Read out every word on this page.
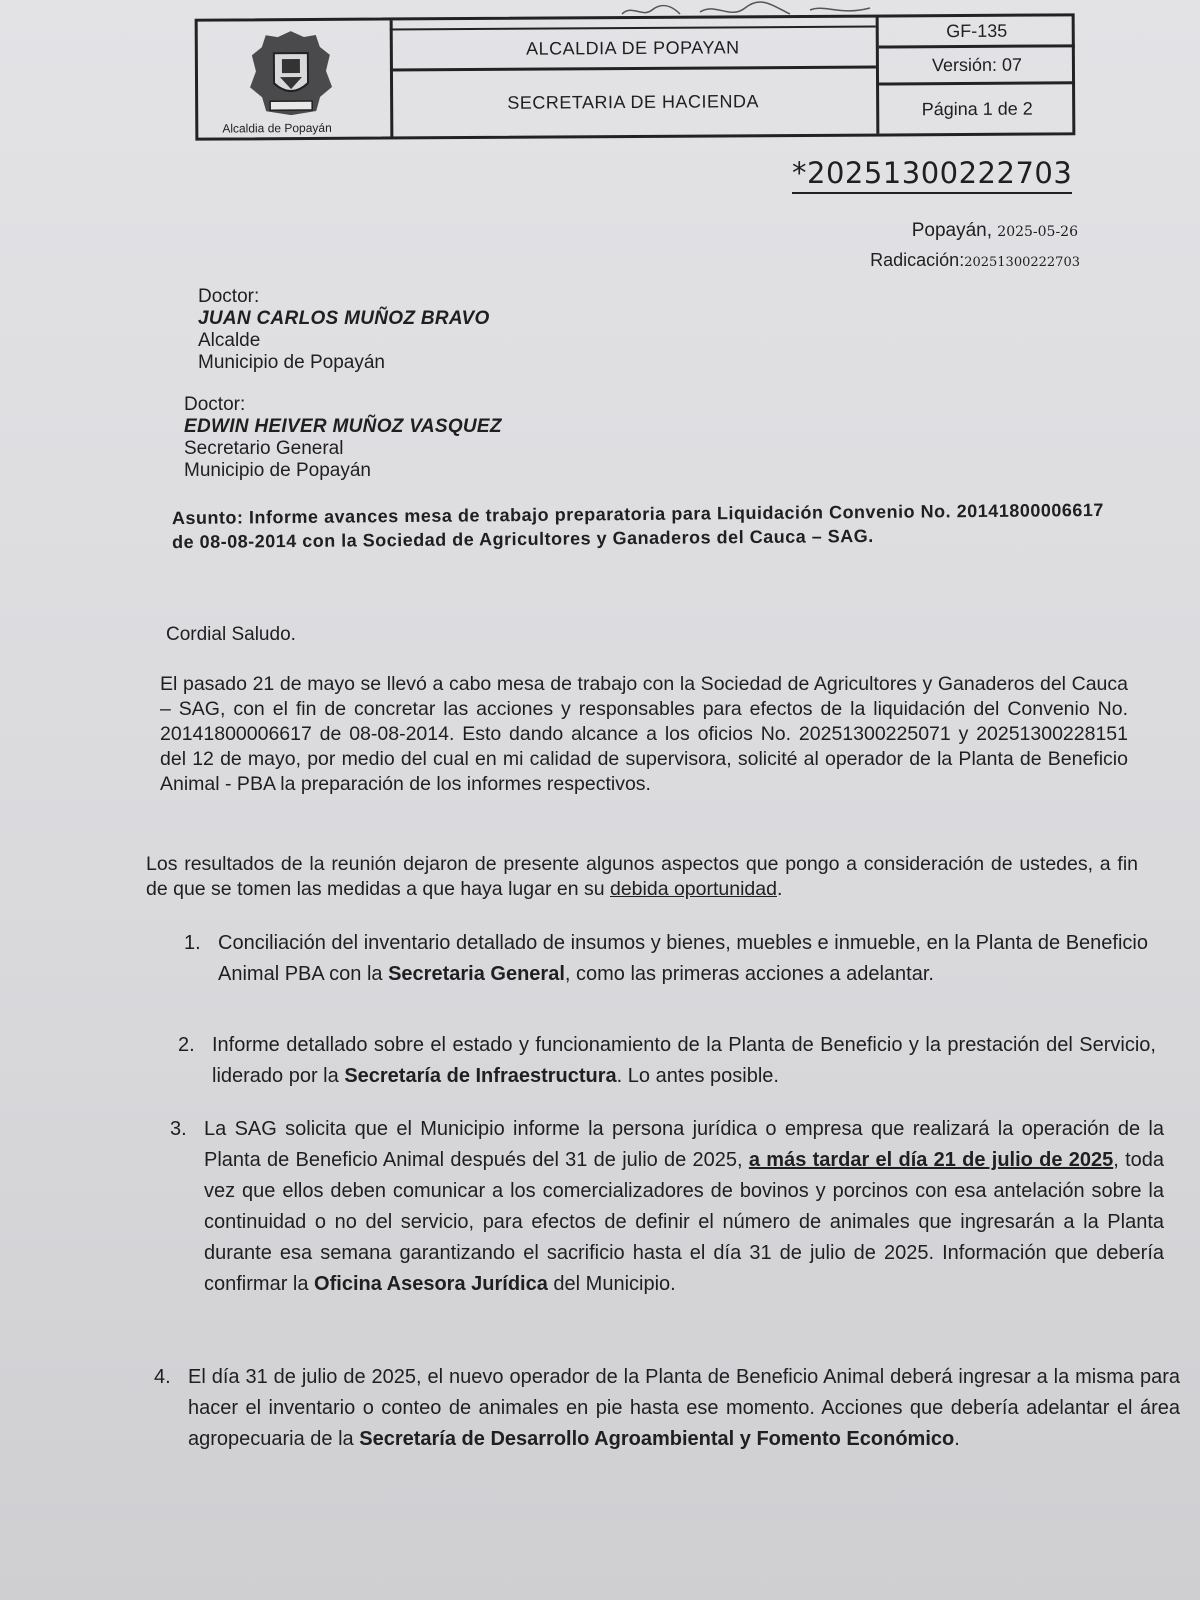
Alcaldia de Popayán
ALCALDIA DE POPAYAN
SECRETARIA DE HACIENDA
GF-135
Versión: 07
Página 1 de 2
*20251300222703
Popayán, 2025-05-26
Radicación:20251300222703
Doctor:
JUAN CARLOS MUÑOZ BRAVO
Alcalde
Municipio de Popayán
Doctor:
EDWIN HEIVER MUÑOZ VASQUEZ
Secretario General
Municipio de Popayán
Asunto: Informe avances mesa de trabajo preparatoria para Liquidación Convenio No. 20141800006617 de 08-08-2014 con la Sociedad de Agricultores y Ganaderos del Cauca – SAG.
Cordial Saludo.
El pasado 21 de mayo se llevó a cabo mesa de trabajo con la Sociedad de Agricultores y Ganaderos del Cauca – SAG, con el fin de concretar las acciones y responsables para efectos de la liquidación del Convenio No. 20141800006617 de 08-08-2014. Esto dando alcance a los oficios No. 20251300225071 y 20251300228151 del 12 de mayo, por medio del cual en mi calidad de supervisora, solicité al operador de la Planta de Beneficio Animal - PBA la preparación de los informes respectivos.
Los resultados de la reunión dejaron de presente algunos aspectos que pongo a consideración de ustedes, a fin de que se tomen las medidas a que haya lugar en su debida oportunidad.
1. Conciliación del inventario detallado de insumos y bienes, muebles e inmueble, en la Planta de Beneficio Animal PBA con la Secretaria General, como las primeras acciones a adelantar.
2. Informe detallado sobre el estado y funcionamiento de la Planta de Beneficio y la prestación del Servicio, liderado por la Secretaría de Infraestructura. Lo antes posible.
3. La SAG solicita que el Municipio informe la persona jurídica o empresa que realizará la operación de la Planta de Beneficio Animal después del 31 de julio de 2025, a más tardar el día 21 de julio de 2025, toda vez que ellos deben comunicar a los comercializadores de bovinos y porcinos con esa antelación sobre la continuidad o no del servicio, para efectos de definir el número de animales que ingresarán a la Planta durante esa semana garantizando el sacrificio hasta el día 31 de julio de 2025. Información que debería confirmar la Oficina Asesora Jurídica del Municipio.
4. El día 31 de julio de 2025, el nuevo operador de la Planta de Beneficio Animal deberá ingresar a la misma para hacer el inventario o conteo de animales en pie hasta ese momento. Acciones que debería adelantar el área agropecuaria de la Secretaría de Desarrollo Agroambiental y Fomento Económico.
